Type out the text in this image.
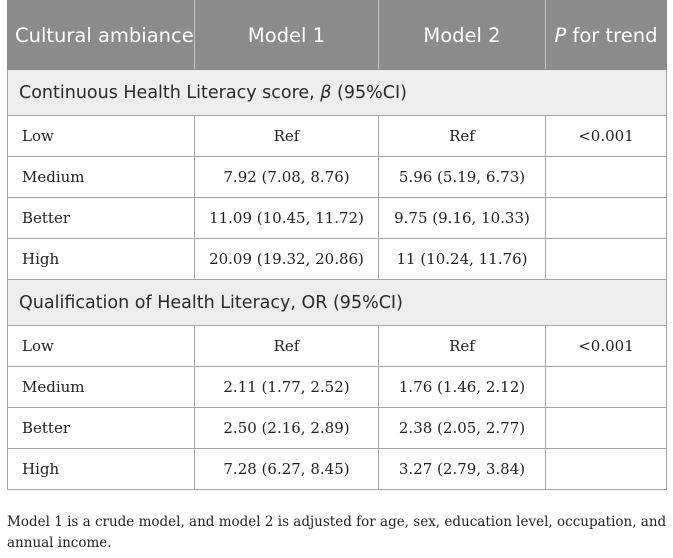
Cultural ambiance	Model 1	Model 2	P for trend
Continuous Health Literacy score, β (95%CI)			
Low	Ref	Ref	<0.001
Medium	7.92 (7.08, 8.76)	5.96 (5.19, 6.73)	
Better	11.09 (10.45, 11.72)	9.75 (9.16, 10.33)	
High	20.09 (19.32, 20.86)	11 (10.24, 11.76)	
Qualification of Health Literacy, OR (95%CI)			
Low	Ref	Ref	<0.001
Medium	2.11 (1.77, 2.52)	1.76 (1.46, 2.12)	
Better	2.50 (2.16, 2.89)	2.38 (2.05, 2.77)	
High	7.28 (6.27, 8.45)	3.27 (2.79, 3.84)	

Model 1 is a crude model, and model 2 is adjusted for age, sex, education level, occupation, and annual income.
